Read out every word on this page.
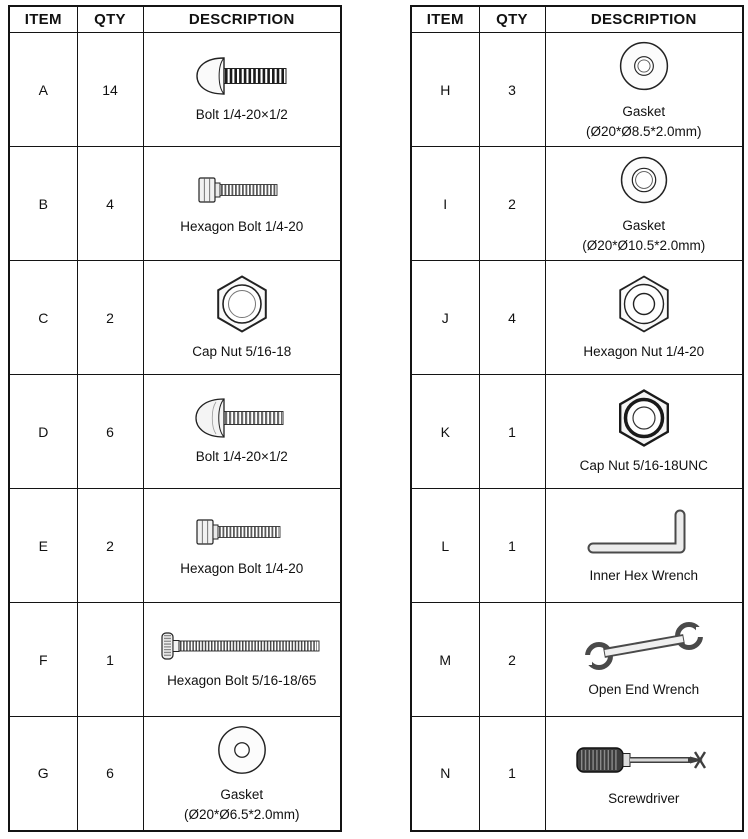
ITEM	QTY	DESCRIPTION
A	14	Bolt 1/4-20×1/2

B	4	Hexagon Bolt 1/4-20

C	2	Cap Nut 5/16-18

D	6	Bolt 1/4-20×1/2

E	2	Hexagon Bolt 1/4-20

F	1	Hexagon Bolt 5/16-18/65

G	6	Gasket
(Ø20*Ø6.5*2.0mm)
ITEM	QTY	DESCRIPTION
H	3	Gasket
(Ø20*Ø8.5*2.0mm)

I	2	Gasket
(Ø20*Ø10.5*2.0mm)

J	4	Hexagon Nut 1/4-20

K	1	Cap Nut 5/16-18UNC

L	1	Inner Hex Wrench

M	2	Open End Wrench

N	1	Screwdriver
